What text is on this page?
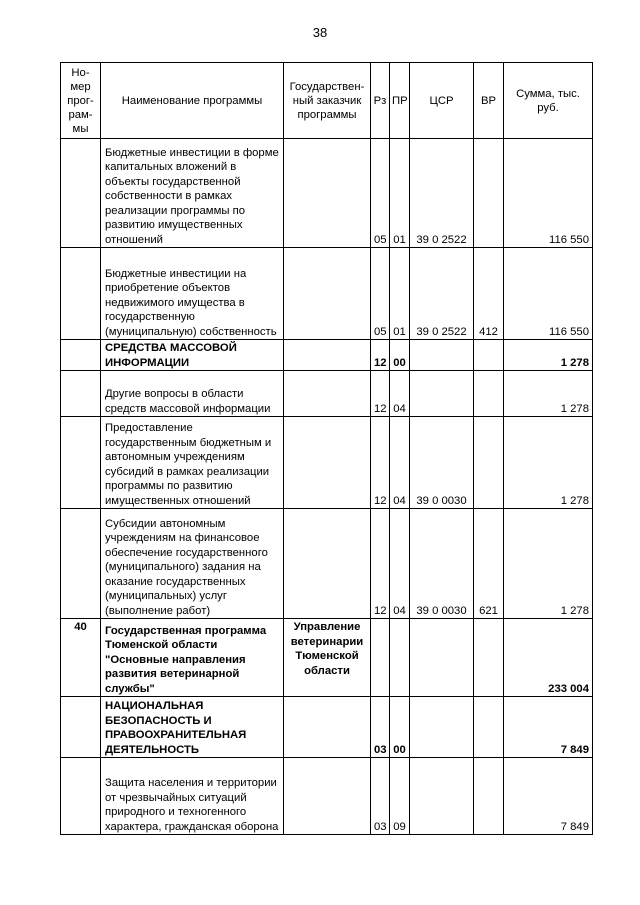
38
Но-мер прог-рам-мы	Наименование программы	Государствен-ный заказчик программы	Рз	ПР	ЦСР	ВР	Сумма, тыс. руб.
	Бюджетные инвестиции в форме капитальных вложений в объекты государственной собственности в рамках реализации программы по развитию имущественных отношений		05	01	39 0 2522		116 550
	Бюджетные инвестиции на приобретение объектов недвижимого имущества в государственную (муниципальную) собственность		05	01	39 0 2522	412	116 550
	СРЕДСТВА МАССОВОЙ ИНФОРМАЦИИ		12	00			1 278
	Другие вопросы в области средств массовой информации		12	04			1 278
	Предоставление государственным бюджетным и автономным учреждениям субсидий в рамках реализации программы по развитию имущественных отношений		12	04	39 0 0030		1 278
	Субсидии автономным учреждениям на финансовое обеспечение государственного (муниципального) задания на оказание государственных (муниципальных) услуг (выполнение работ)		12	04	39 0 0030	621	1 278
40	Государственная программа Тюменской области "Основные направления развития ветеринарной службы"	Управление ветеринарии Тюменской области					233 004
	НАЦИОНАЛЬНАЯ БЕЗОПАСНОСТЬ И ПРАВООХРАНИТЕЛЬНАЯ ДЕЯТЕЛЬНОСТЬ		03	00			7 849
	Защита населения и территории от чрезвычайных ситуаций природного и техногенного характера, гражданская оборона		03	09			7 849
